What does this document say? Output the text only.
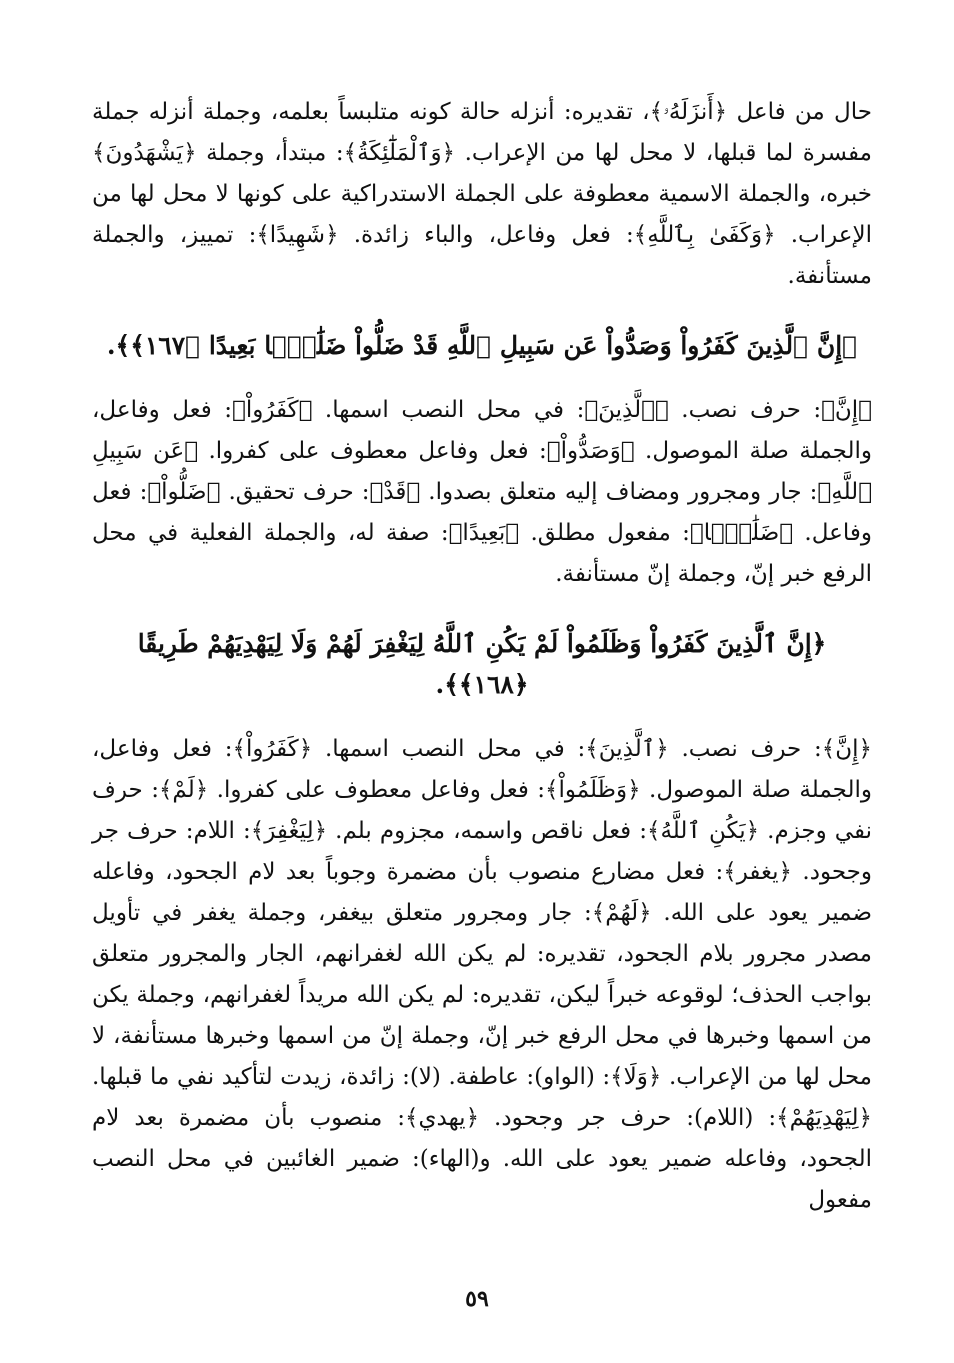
حال من فاعل ﴿أَنزَلَهُۥ﴾، تقديره: أنزله حالة كونه متلبساً بعلمه، وجملة أنزله جملة مفسرة لما قبلها، لا محل لها من الإعراب. ﴿وَٱلْمَلَٰٓئِكَةُ﴾: مبتدأ، وجملة ﴿يَشْهَدُونَ﴾ خبره، والجملة الاسمية معطوفة على الجملة الاستدراكية على كونها لا محل لها من الإعراب. ﴿وَكَفَىٰ بِٱللَّهِ﴾: فعل وفاعل، والباء زائدة. ﴿شَهِيدًا﴾: تمييز، والجملة مستأنفة.

﴿إِنَّ ٱلَّذِينَ كَفَرُواْ وَصَدُّواْ عَن سَبِيلِ ٱللَّهِ قَدْ ضَلُّواْ ضَلَٰلًۢا بَعِيدًا ﴿١٦٧﴾﴾.

﴿إِنَّ﴾: حرف نصب. ﴿ٱلَّذِينَ﴾: في محل النصب اسمها. ﴿كَفَرُواْ﴾: فعل وفاعل، والجملة صلة الموصول. ﴿وَصَدُّواْ﴾: فعل وفاعل معطوف على كفروا. ﴿عَن سَبِيلِ ٱللَّهِ﴾: جار ومجرور ومضاف إليه متعلق بصدوا. ﴿قَدْ﴾: حرف تحقيق. ﴿ضَلُّواْ﴾: فعل وفاعل. ﴿ضَلَٰلًۢا﴾: مفعول مطلق. ﴿بَعِيدًا﴾: صفة له، والجملة الفعلية في محل الرفع خبر إنّ، وجملة إنّ مستأنفة.

﴿إِنَّ ٱلَّذِينَ كَفَرُواْ وَظَلَمُواْ لَمْ يَكُنِ ٱللَّهُ لِيَغْفِرَ لَهُمْ وَلَا لِيَهْدِيَهُمْ طَرِيقًا ﴿١٦٨﴾﴾.

﴿إِنَّ﴾: حرف نصب. ﴿ٱلَّذِينَ﴾: في محل النصب اسمها. ﴿كَفَرُواْ﴾: فعل وفاعل، والجملة صلة الموصول. ﴿وَظَلَمُواْ﴾: فعل وفاعل معطوف على كفروا. ﴿لَمْ﴾: حرف نفي وجزم. ﴿يَكُنِ ٱللَّهُ﴾: فعل ناقص واسمه، مجزوم بلم. ﴿لِيَغْفِرَ﴾: اللام: حرف جر وجحود. ﴿يغفر﴾: فعل مضارع منصوب بأن مضمرة وجوباً بعد لام الجحود، وفاعله ضمير يعود على الله. ﴿لَهُمْ﴾: جار ومجرور متعلق بيغفر، وجملة يغفر في تأويل مصدر مجرور بلام الجحود، تقديره: لم يكن الله لغفرانهم، الجار والمجرور متعلق بواجب الحذف؛ لوقوعه خبراً ليكن، تقديره: لم يكن الله مريداً لغفرانهم، وجملة يكن من اسمها وخبرها في محل الرفع خبر إنّ، وجملة إنّ من اسمها وخبرها مستأنفة، لا محل لها من الإعراب. ﴿وَلَا﴾: (الواو): عاطفة. (لا): زائدة، زيدت لتأكيد نفي ما قبلها. ﴿لِيَهْدِيَهُمْ﴾: (اللام): حرف جر وجحود. ﴿يهدي﴾: منصوب بأن مضمرة بعد لام الجحود، وفاعله ضمير يعود على الله. و(الهاء): ضمير الغائبين في محل النصب مفعول

٥٩
